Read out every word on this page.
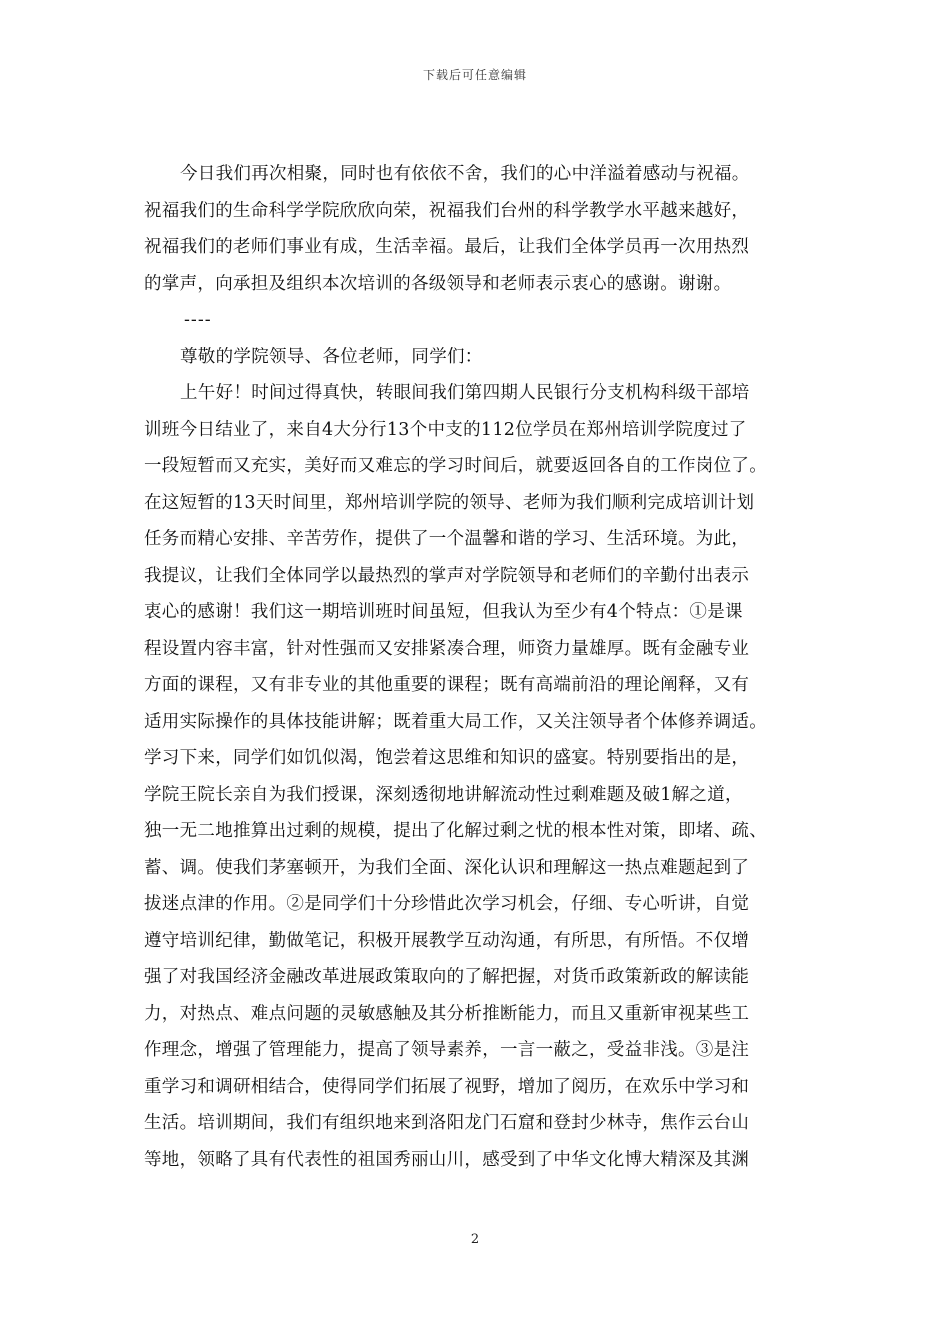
下载后可任意编辑
今日我们再次相聚，同时也有依依不舍，我们的心中洋溢着感动与祝福。
祝福我们的生命科学学院欣欣向荣，祝福我们台州的科学教学水平越来越好，
祝福我们的老师们事业有成，生活幸福。最后，让我们全体学员再一次用热烈
的掌声，向承担及组织本次培训的各级领导和老师表示衷心的感谢。谢谢。
----
尊敬的学院领导、各位老师，同学们：
上午好！时间过得真快，转眼间我们第四期人民银行分支机构科级干部培
训班今日结业了，来自4大分行13个中支的112位学员在郑州培训学院度过了
一段短暂而又充实，美好而又难忘的学习时间后，就要返回各自的工作岗位了。
在这短暂的13天时间里，郑州培训学院的领导、老师为我们顺利完成培训计划
任务而精心安排、辛苦劳作，提供了一个温馨和谐的学习、生活环境。为此，
我提议，让我们全体同学以最热烈的掌声对学院领导和老师们的辛勤付出表示
衷心的感谢！我们这一期培训班时间虽短，但我认为至少有4个特点：①是课
程设置内容丰富，针对性强而又安排紧凑合理，师资力量雄厚。既有金融专业
方面的课程，又有非专业的其他重要的课程；既有高端前沿的理论阐释，又有
适用实际操作的具体技能讲解；既着重大局工作，又关注领导者个体修养调适。
学习下来，同学们如饥似渴，饱尝着这思维和知识的盛宴。特别要指出的是，
学院王院长亲自为我们授课，深刻透彻地讲解流动性过剩难题及破1解之道，
独一无二地推算出过剩的规模，提出了化解过剩之忧的根本性对策，即堵、疏、
蓄、调。使我们茅塞顿开，为我们全面、深化认识和理解这一热点难题起到了
拔迷点津的作用。②是同学们十分珍惜此次学习机会，仔细、专心听讲，自觉
遵守培训纪律，勤做笔记，积极开展教学互动沟通，有所思，有所悟。不仅增
强了对我国经济金融改革进展政策取向的了解把握，对货币政策新政的解读能
力，对热点、难点问题的灵敏感触及其分析推断能力，而且又重新审视某些工
作理念，增强了管理能力，提高了领导素养，一言一蔽之，受益非浅。③是注
重学习和调研相结合，使得同学们拓展了视野，增加了阅历，在欢乐中学习和
生活。培训期间，我们有组织地来到洛阳龙门石窟和登封少林寺，焦作云台山
等地，领略了具有代表性的祖国秀丽山川，感受到了中华文化博大精深及其渊
2
